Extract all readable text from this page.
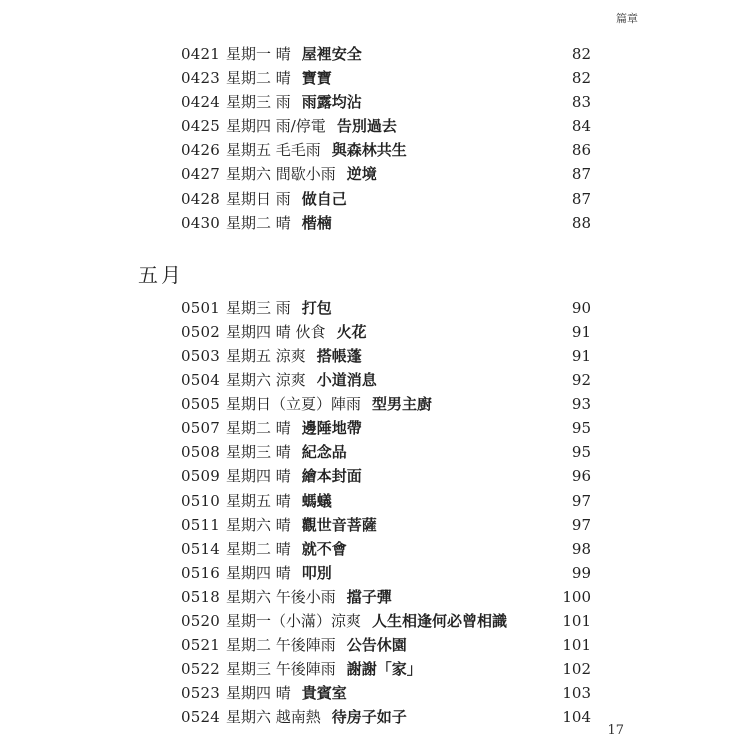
篇章
0421 星期一 晴 屋裡安全	82
0423 星期二 晴 寶寶	82
0424 星期三 雨 雨露均沾	83
0425 星期四 雨/停電 告別過去	84
0426 星期五 毛毛雨 與森林共生	86
0427 星期六 間歇小雨 逆境	87
0428 星期日 雨 做自己	87
0430 星期二 晴 楷楠	88
五月
0501 星期三 雨 打包	90
0502 星期四 晴 伙食 火花	91
0503 星期五 涼爽 搭帳蓬	91
0504 星期六 涼爽 小道消息	92
0505 星期日（立夏）陣雨 型男主廚	93
0507 星期二 晴 邊陲地帶	95
0508 星期三 晴 紀念品	95
0509 星期四 晴 繪本封面	96
0510 星期五 晴 螞蟻	97
0511 星期六 晴 觀世音菩薩	97
0514 星期二 晴 就不會	98
0516 星期四 晴 叩別	99
0518 星期六 午後小雨 擋子彈	100
0520 星期一（小滿）涼爽 人生相逢何必曾相識	101
0521 星期二 午後陣雨 公告休園	101
0522 星期三 午後陣雨 謝謝「家」	102
0523 星期四 晴 貴賓室	103
0524 星期六 越南熱 待房子如子	104
17
